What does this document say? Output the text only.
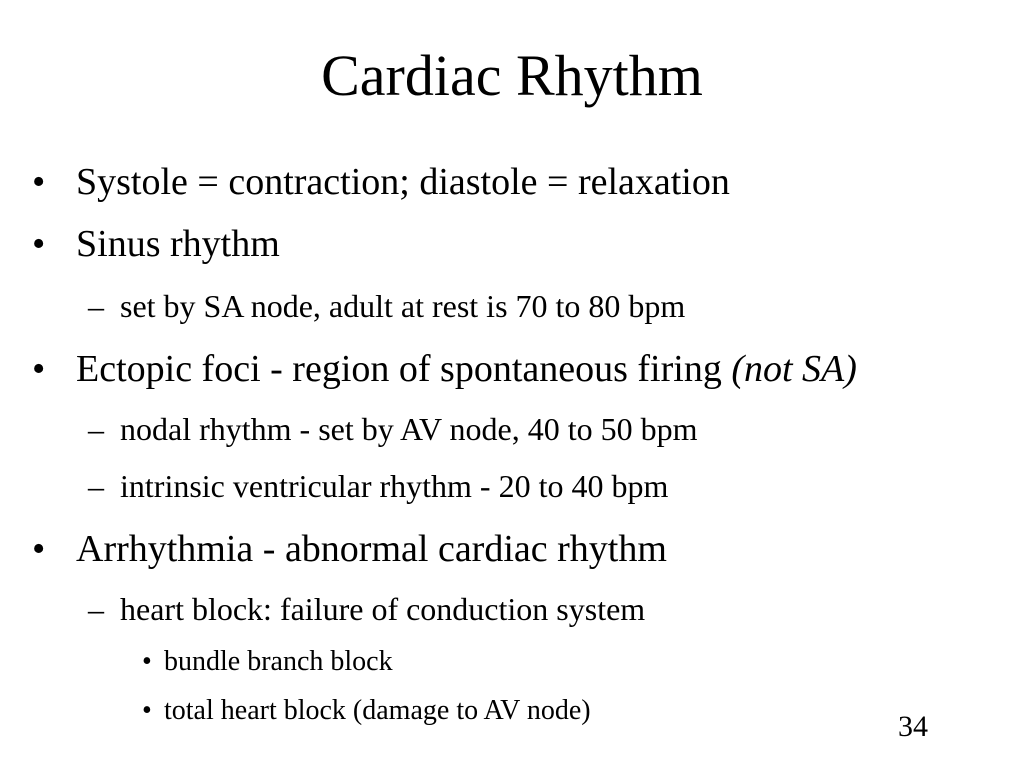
Cardiac Rhythm

• Systole = contraction; diastole = relaxation

• Sinus rhythm

– set by SA node, adult at rest is 70 to 80 bpm

• Ectopic foci - region of spontaneous firing (not SA)

– nodal rhythm - set by AV node, 40 to 50 bpm

– intrinsic ventricular rhythm - 20 to 40 bpm

• Arrhythmia - abnormal cardiac rhythm

– heart block: failure of conduction system

• bundle branch block

• total heart block (damage to AV node)	34
